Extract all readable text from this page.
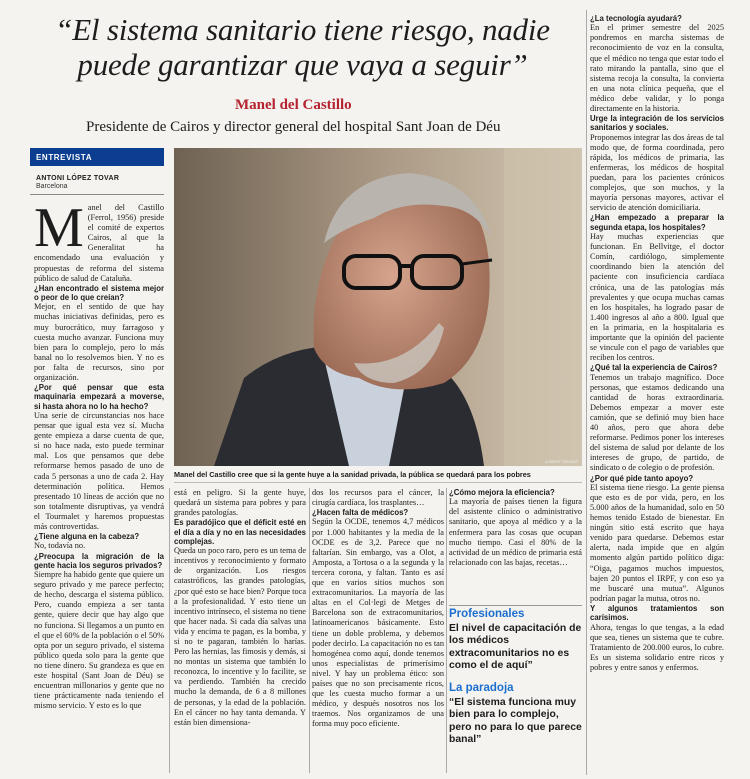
“El sistema sanitario tiene riesgo, nadie puede garantizar que vaya a seguir”
Manel del Castillo
Presidente de Cairos y director general del hospital Sant Joan de Déu
ENTREVISTA
ANTONI LÓPEZ TOVAR
Barcelona
LLIBERT TEIXIDÓ
Manel del Castillo cree que si la gente huye a la sanidad privada, la pública se quedará para los pobres
M anel del Castillo (Ferrol, 1956) preside el comité de expertos Cairos, al que la Generalitat ha encomendado una evaluación y propuestas de reforma del sistema público de salud de Cataluña.

¿Han encontrado el sistema mejor o peor de lo que creían?

Mejor, en el sentido de que hay muchas iniciativas definidas, pero es muy burocrático, muy farragoso y cuesta mucho avanzar. Funciona muy bien para lo complejo, pero lo más banal no lo resolvemos bien. Y no es por falta de recursos, sino por organización.

¿Por qué pensar que esta maquinaria empezará a moverse, si hasta ahora no lo ha hecho?

Una serie de circunstancias nos hace pensar que igual esta vez sí. Mucha gente empieza a darse cuenta de que, si no hace nada, esto puede terminar mal. Los que pensamos que debe reformarse hemos pasado de uno de cada 5 personas a uno de cada 2. Hay determinación política. Hemos presentado 10 líneas de acción que no son totalmente disruptivas, ya vendrá el Tourmalet y haremos propuestas más controvertidas.

¿Tiene alguna en la cabeza?

No, todavía no.

¿Preocupa la migración de la gente hacia los seguros privados?

Siempre ha habido gente que quiere un seguro privado y me parece perfecto; de hecho, descarga el sistema público. Pero, cuando empieza a ser tanta gente, quiere decir que hay algo que no funciona. Si llegamos a un punto en el que el 60% de la población o el 50% opta por un seguro privado, el sistema público queda solo para la gente que no tiene dinero. Su grandeza es que en este hospital (Sant Joan de Déu) se encuentran millonarios y gente que no tiene prácticamente nada teniendo el mismo servicio. Y esto es lo que

está en peligro. Si la gente huye, quedará un sistema para pobres y para grandes patologías.

Es paradójico que el déficit esté en el día a día y no en las necesidades complejas.

Queda un poco raro, pero es un tema de incentivos y reconocimiento y formato de organización. Los riesgos catastróficos, las grandes patologías, ¿por qué esto se hace bien? Porque toca a la profesionalidad. Y esto tiene un incentivo intrínseco, el sistema no tiene que hacer nada. Si cada día salvas una vida y encima te pagan, es la bomba, y si no te pagaran, también lo harías. Pero las hernias, las fimosis y demás, si no montas un sistema que también lo reconozca, lo incentive y lo facilite, se va perdiendo. También ha crecido mucho la demanda, de 6 a 8 millones de personas, y la edad de la población. En el cáncer no hay tanta demanda. Y están bien dimensiona-

dos los recursos para el cáncer, la cirugía cardíaca, los trasplantes…

¿Hacen falta de médicos?

Según la OCDE, tenemos 4,7 médicos por 1.000 habitantes y la media de la OCDE es de 3,2. Parece que no faltarían. Sin embargo, vas a Olot, a Amposta, a Tortosa o a la segunda y la tercera corona, y faltan. Tanto es así que en varios sitios muchos son extracomunitarios. La mayoría de las altas en el Col·legi de Metges de Barcelona son de extracomunitarios, latinoamericanos básicamente. Esto tiene un doble problema, y debemos poder decirlo. La capacitación no es tan homogénea como aquí, donde tenemos unos especialistas de primerísimo nivel. Y hay un problema ético: son países que no son precisamente ricos, que les cuesta mucho formar a un médico, y después nosotros nos los traemos. Nos organizamos de una forma muy poco eficiente.

¿Cómo mejora la eficiencia?

La mayoría de países tienen la figura del asistente clínico o administrativo sanitario, que apoya al médico y a la enfermera para las cosas que ocupan mucho tiempo. Casi el 80% de la actividad de un médico de primaria está relacionado con las bajas, recetas…

Profesionales
El nivel de capacitación de los médicos extracomunitarios no es como el de aquí”
La paradoja
“El sistema funciona muy bien para lo complejo, pero no para lo que parece banal”

¿La tecnología ayudará?

En el primer semestre del 2025 pondremos en marcha sistemas de reconocimiento de voz en la consulta, que el médico no tenga que estar todo el rato mirando la pantalla, sino que el sistema recoja la consulta, la convierta en una nota clínica pequeña, que el médico debe validar, y lo ponga directamente en la historia.

Urge la integración de los servicios sanitarios y sociales.

Proponemos integrar las dos áreas de tal modo que, de forma coordinada, pero rápida, los médicos de primaria, las enfermeras, los médicos de hospital puedan, para los pacientes crónicos complejos, que son muchos, y la mayoría personas mayores, activar el servicio de atención domiciliaria.

¿Han empezado a preparar la segunda etapa, los hospitales?

Hay muchas experiencias que funcionan. En Bellvitge, el doctor Comín, cardiólogo, simplemente coordinando bien la atención del paciente con insuficiencia cardíaca crónica, una de las patologías más prevalentes y que ocupa muchas camas en los hospitales, ha logrado pasar de 1.400 ingresos al año a 800. Igual que en la primaria, en la hospitalaria es importante que la opinión del paciente se vincule con el pago de variables que reciben los centros.

¿Qué tal la experiencia de Cairos?

Tenemos un trabajo magnífico. Doce personas, que estamos dedicando una cantidad de horas extraordinaria. Debemos empezar a mover este camión, que se definió muy bien hace 40 años, pero que ahora debe reformarse. Pedimos poner los intereses del sistema de salud por delante de los intereses de grupo, de partido, de sindicato o de colegio o de profesión.

¿Por qué pide tanto apoyo?

El sistema tiene riesgo. La gente piensa que esto es de por vida, pero, en los 5.000 años de la humanidad, solo en 50 hemos tenido Estado de bienestar. En ningún sitio está escrito que haya venido para quedarse. Debemos estar alerta, nada impide que en algún momento algún partido político diga: “Oiga, pagamos muchos impuestos, bajen 20 puntos el IRPF, y con eso ya me buscaré una mutua”. Algunos podrían pagar la mutua, otros no.

Y algunos tratamientos son carísimos.

Ahora, tengas lo que tengas, a la edad que sea, tienes un sistema que te cubre. Tratamiento de 200.000 euros, lo cubre. Es un sistema solidario entre ricos y pobres y entre sanos y enfermos.
